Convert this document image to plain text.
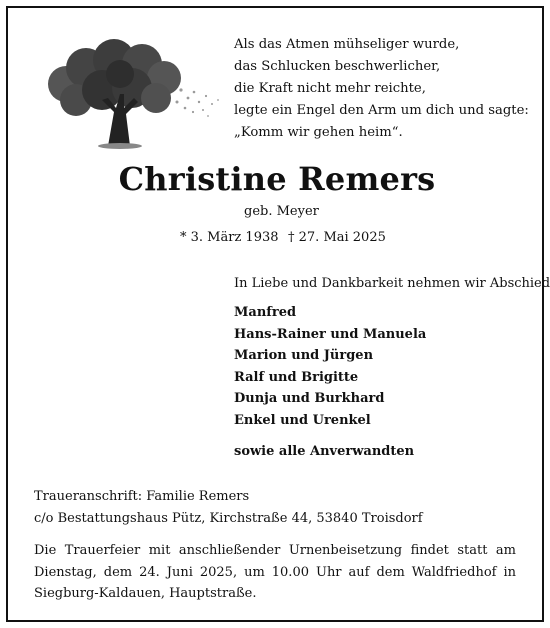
Als das Atmen mühseliger wurde,
das Schlucken beschwerlicher,
die Kraft nicht mehr reichte,
legte ein Engel den Arm um dich und sagte:
„Komm wir gehen heim“.
Christine Remers
geb. Meyer
* 3. März 1938 † 27. Mai 2025
In Liebe und Dankbarkeit nehmen wir Abschied
Manfred
Hans-Rainer und Manuela
Marion und Jürgen
Ralf und Brigitte
Dunja und Burkhard
Enkel und Urenkel
sowie alle Anverwandten
Traueranschrift: Familie Remers
c/o Bestattungshaus Pütz, Kirchstraße 44, 53840 Troisdorf
Die Trauerfeier mit anschließender Urnenbeisetzung findet statt am Dienstag, dem 24. Juni 2025, um 10.00 Uhr auf dem Waldfriedhof in Siegburg-Kaldauen, Hauptstraße.
